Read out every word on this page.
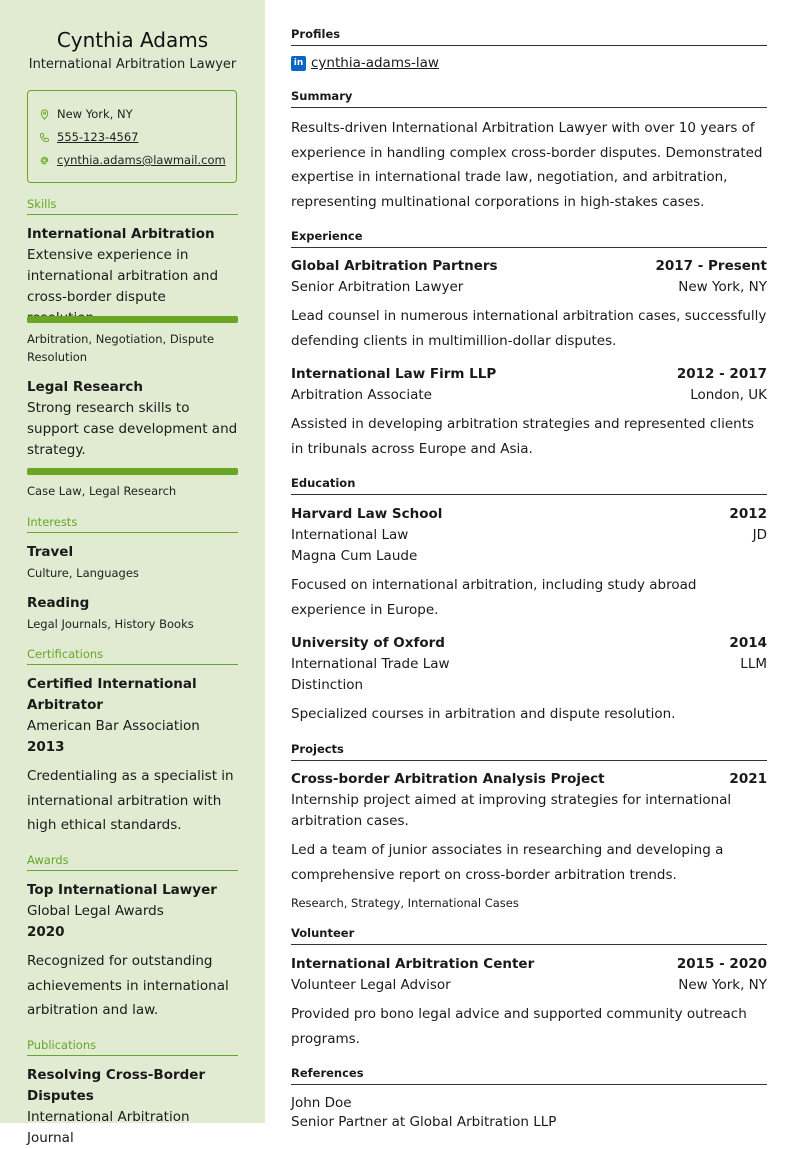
Cynthia Adams
International Arbitration Lawyer
New York, NY
555-123-4567
cynthia.adams@lawmail.com
Skills
International Arbitration
Extensive experience in international arbitration and cross-border dispute
Arbitration, Negotiation, Dispute Resolution
Legal Research
Strong research skills to support case development and strategy.
Case Law, Legal Research
Interests
Travel
Culture, Languages
Reading
Legal Journals, History Books
Certifications
Certified International Arbitrator
American Bar Association
2013
Credentialing as a specialist in international arbitration with high ethical standards.
Awards
Top International Lawyer
Global Legal Awards
2020
Recognized for outstanding achievements in international arbitration and law.
Publications
Resolving Cross-Border Disputes
International Arbitration Journal
Profiles
in cynthia-adams-law
Summary
Results-driven International Arbitration Lawyer with over 10 years of experience in handling complex cross-border disputes. Demonstrated expertise in international trade law, negotiation, and arbitration, representing multinational corporations in high-stakes cases.
Experience
Global Arbitration Partners	2017 - Present
Senior Arbitration Lawyer	New York, NY
Lead counsel in numerous international arbitration cases, successfully defending clients in multimillion-dollar disputes.
International Law Firm LLP	2012 - 2017
Arbitration Associate	London, UK
Assisted in developing arbitration strategies and represented clients in tribunals across Europe and Asia.
Education
Harvard Law School	2012
International Law	JD
Magna Cum Laude
Focused on international arbitration, including study abroad experience in Europe.
University of Oxford	2014
International Trade Law	LLM
Distinction
Specialized courses in arbitration and dispute resolution.
Projects
Cross-border Arbitration Analysis Project	2021
Internship project aimed at improving strategies for international arbitration cases.
Led a team of junior associates in researching and developing a comprehensive report on cross-border arbitration trends.
Research, Strategy, International Cases
Volunteer
International Arbitration Center	2015 - 2020
Volunteer Legal Advisor	New York, NY
Provided pro bono legal advice and supported community outreach programs.
References
John Doe
Senior Partner at Global Arbitration LLP
